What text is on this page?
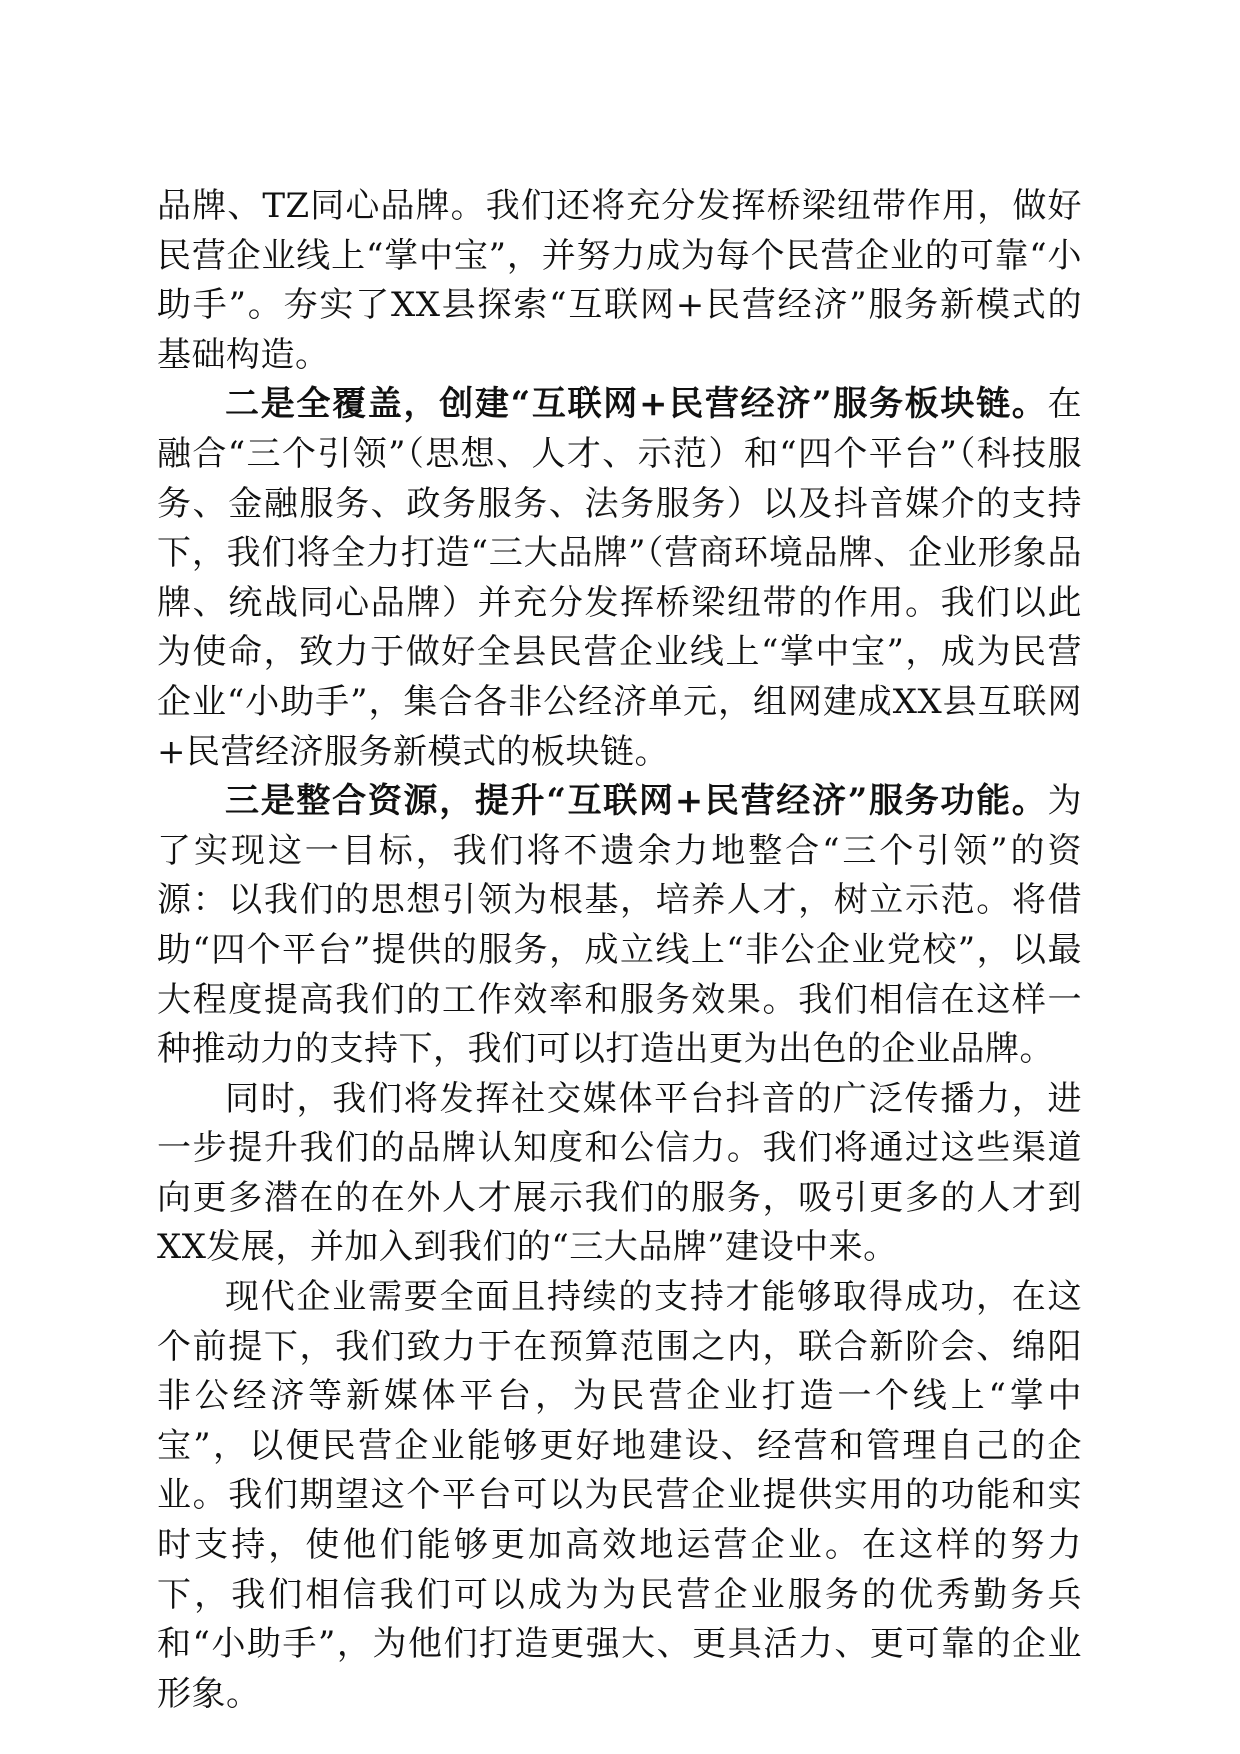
品牌、TZ同心品牌。我们还将充分发挥桥梁纽带作用，做好民营企业线上“掌中宝”，并努力成为每个民营企业的可靠“小助手”。夯实了XX县探索“互联网+民营经济”服务新模式的基础构造。

二是全覆盖，创建“互联网+民营经济”服务板块链。在融合“三个引领”（思想、人才、示范）和“四个平台”（科技服务、金融服务、政务服务、法务服务）以及抖音媒介的支持下，我们将全力打造“三大品牌”（营商环境品牌、企业形象品牌、统战同心品牌）并充分发挥桥梁纽带的作用。我们以此为使命，致力于做好全县民营企业线上“掌中宝”，成为民营企业“小助手”，集合各非公经济单元，组网建成XX县互联网+民营经济服务新模式的板块链。

三是整合资源，提升“互联网+民营经济”服务功能。为了实现这一目标，我们将不遗余力地整合“三个引领”的资源：以我们的思想引领为根基，培养人才，树立示范。将借助“四个平台”提供的服务，成立线上“非公企业党校”，以最大程度提高我们的工作效率和服务效果。我们相信在这样一种推动力的支持下，我们可以打造出更为出色的企业品牌。

同时，我们将发挥社交媒体平台抖音的广泛传播力，进一步提升我们的品牌认知度和公信力。我们将通过这些渠道向更多潜在的在外人才展示我们的服务，吸引更多的人才到XX发展，并加入到我们的“三大品牌”建设中来。

现代企业需要全面且持续的支持才能够取得成功，在这个前提下，我们致力于在预算范围之内，联合新阶会、绵阳非公经济等新媒体平台，为民营企业打造一个线上“掌中宝”，以便民营企业能够更好地建设、经营和管理自己的企业。我们期望这个平台可以为民营企业提供实用的功能和实时支持，使他们能够更加高效地运营企业。在这样的努力下，我们相信我们可以成为为民营企业服务的优秀勤务兵和“小助手”，为他们打造更强大、更具活力、更可靠的企业形象。
